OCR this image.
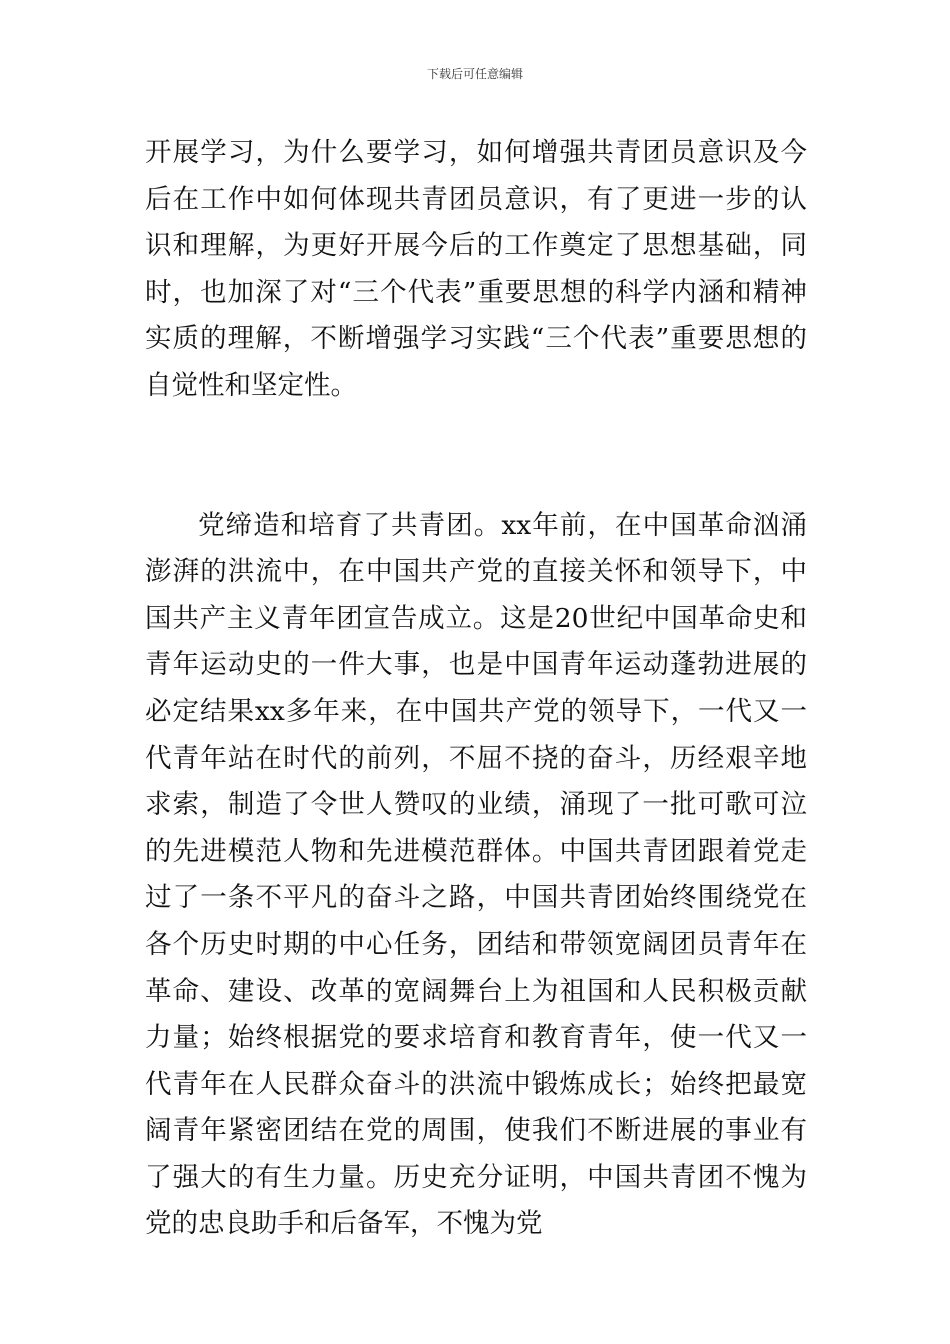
下载后可任意编辑

开展学习，为什么要学习，如何增强共青团员意识及今后在工作中如何体现共青团员意识，有了更进一步的认识和理解，为更好开展今后的工作奠定了思想基础，同时，也加深了对“三个代表”重要思想的科学内涵和精神实质的理解，不断增强学习实践“三个代表”重要思想的自觉性和坚定性。

党缔造和培育了共青团。xx年前，在中国革命汹涌澎湃的洪流中，在中国共产党的直接关怀和领导下，中国共产主义青年团宣告成立。这是20世纪中国革命史和青年运动史的一件大事，也是中国青年运动蓬勃进展的必定结果xx多年来，在中国共产党的领导下，一代又一代青年站在时代的前列，不屈不挠的奋斗，历经艰辛地求索，制造了令世人赞叹的业绩，涌现了一批可歌可泣的先进模范人物和先进模范群体。中国共青团跟着党走过了一条不平凡的奋斗之路，中国共青团始终围绕党在各个历史时期的中心任务，团结和带领宽阔团员青年在革命、建设、改革的宽阔舞台上为祖国和人民积极贡献力量；始终根据党的要求培育和教育青年，使一代又一代青年在人民群众奋斗的洪流中锻炼成长；始终把最宽阔青年紧密团结在党的周围，使我们不断进展的事业有了强大的有生力量。历史充分证明，中国共青团不愧为党的忠良助手和后备军，不愧为党
